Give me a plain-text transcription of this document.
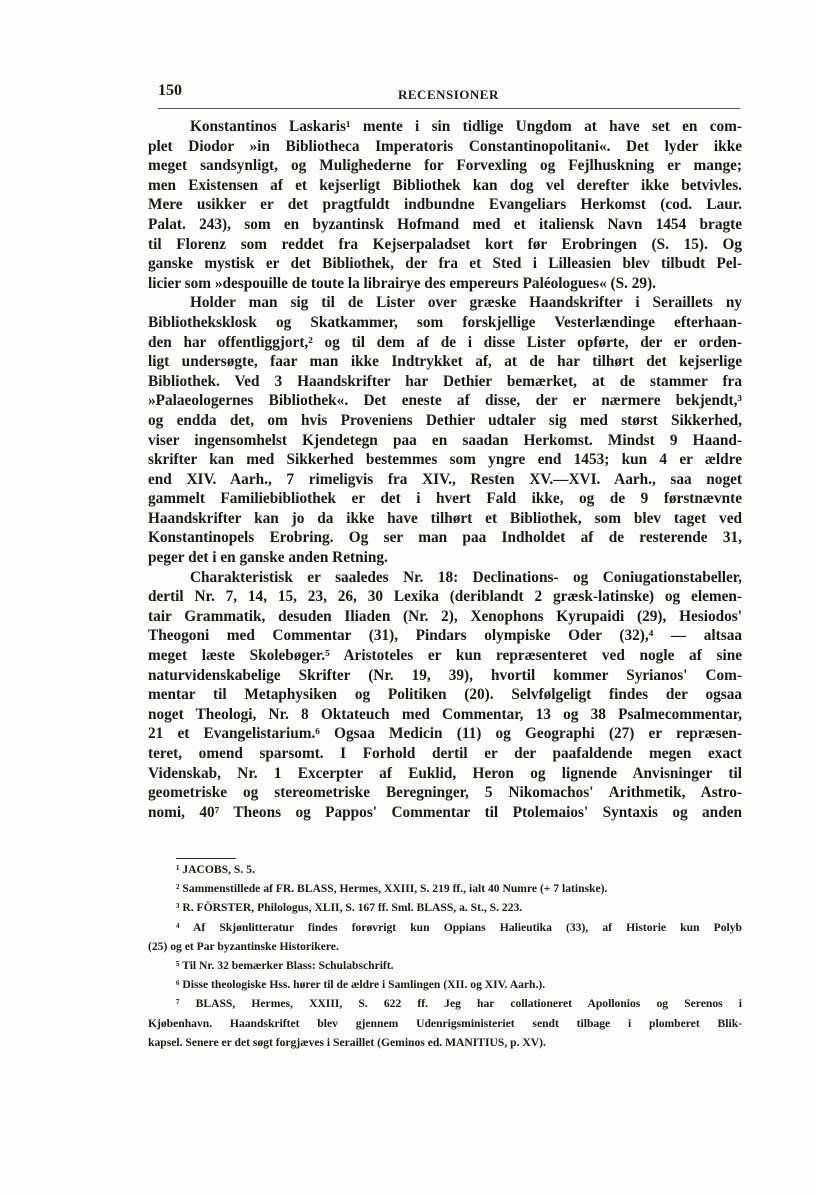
150	RECENSIONER
Konstantinos Laskaris¹ mente i sin tidlige Ungdom at have set en com-
plet Diodor »in Bibliotheca Imperatoris Constantinopolitani«. Det lyder ikke
meget sandsynligt, og Mulighederne for Forvexling og Fejlhuskning er mange;
men Existensen af et kejserligt Bibliothek kan dog vel derefter ikke betvivles.
Mere usikker er det pragtfuldt indbundne Evangeliars Herkomst (cod. Laur.
Palat. 243), som en byzantinsk Hofmand med et italiensk Navn 1454 bragte
til Florenz som reddet fra Kejserpaladset kort før Erobringen (S. 15). Og
ganske mystisk er det Bibliothek, der fra et Sted i Lilleasien blev tilbudt Pel-
licier som »despouille de toute la librairye des empereurs Paléologues« (S. 29).
Holder man sig til de Lister over græske Haandskrifter i Seraillets ny
Bibliotheksklosk og Skatkammer, som forskjellige Vesterlændinge efterhaan-
den har offentliggjort,² og til dem af de i disse Lister opførte, der er orden-
ligt undersøgte, faar man ikke Indtrykket af, at de har tilhørt det kejserlige
Bibliothek. Ved 3 Haandskrifter har Dethier bemærket, at de stammer fra
»Palaeologernes Bibliothek«. Det eneste af disse, der er nærmere bekjendt,³
og endda det, om hvis Proveniens Dethier udtaler sig med størst Sikkerhed,
viser ingensomhelst Kjendetegn paa en saadan Herkomst. Mindst 9 Haand-
skrifter kan med Sikkerhed bestemmes som yngre end 1453; kun 4 er ældre
end XIV. Aarh., 7 rimeligvis fra XIV., Resten XV.—XVI. Aarh., saa noget
gammelt Familiebibliothek er det i hvert Fald ikke, og de 9 førstnævnte
Haandskrifter kan jo da ikke have tilhørt et Bibliothek, som blev taget ved
Konstantinopels Erobring. Og ser man paa Indholdet af de resterende 31,
peger det i en ganske anden Retning.
Charakteristisk er saaledes Nr. 18: Declinations- og Coniugationstabeller,
dertil Nr. 7, 14, 15, 23, 26, 30 Lexika (deriblandt 2 græsk-latinske) og elemen-
tair Grammatik, desuden Iliaden (Nr. 2), Xenophons Kyrupaidi (29), Hesiodos'
Theogoni med Commentar (31), Pindars olympiske Oder (32),⁴ — altsaa
meget læste Skolebøger.⁵ Aristoteles er kun repræsenteret ved nogle af sine
naturvidenskabelige Skrifter (Nr. 19, 39), hvortil kommer Syrianos' Com-
mentar til Metaphysiken og Politiken (20). Selvfølgeligt findes der ogsaa
noget Theologi, Nr. 8 Oktateuch med Commentar, 13 og 38 Psalmecommentar,
21 et Evangelistarium.⁶ Ogsaa Medicin (11) og Geographi (27) er repræsen-
teret, omend sparsomt. I Forhold dertil er der paafaldende megen exact
Videnskab, Nr. 1 Excerpter af Euklid, Heron og lignende Anvisninger til
geometriske og stereometriske Beregninger, 5 Nikomachos' Arithmetik, Astro-
nomi, 40⁷ Theons og Pappos' Commentar til Ptolemaios' Syntaxis og anden
¹ JACOBS, S. 5.
² Sammenstillede af FR. BLASS, Hermes, XXIII, S. 219 ff., ialt 40 Numre (+ 7 latinske).
³ R. FÖRSTER, Philologus, XLII, S. 167 ff. Sml. BLASS, a. St., S. 223.
⁴ Af Skjønlitteratur findes forøvrigt kun Oppians Halieutika (33), af Historie kun Polyb
(25) og et Par byzantinske Historikere.
⁵ Til Nr. 32 bemærker Blass: Schulabschrift.
⁶ Disse theologiske Hss. hører til de ældre i Samlingen (XII. og XIV. Aarh.).
⁷ BLASS, Hermes, XXIII, S. 622 ff. Jeg har collationeret Apollonios og Serenos i
Kjøbenhavn. Haandskriftet blev gjennem Udenrigsministeriet sendt tilbage i plomberet Blik-
kapsel. Senere er det søgt forgjæves i Seraillet (Geminos ed. MANITIUS, p. XV).
